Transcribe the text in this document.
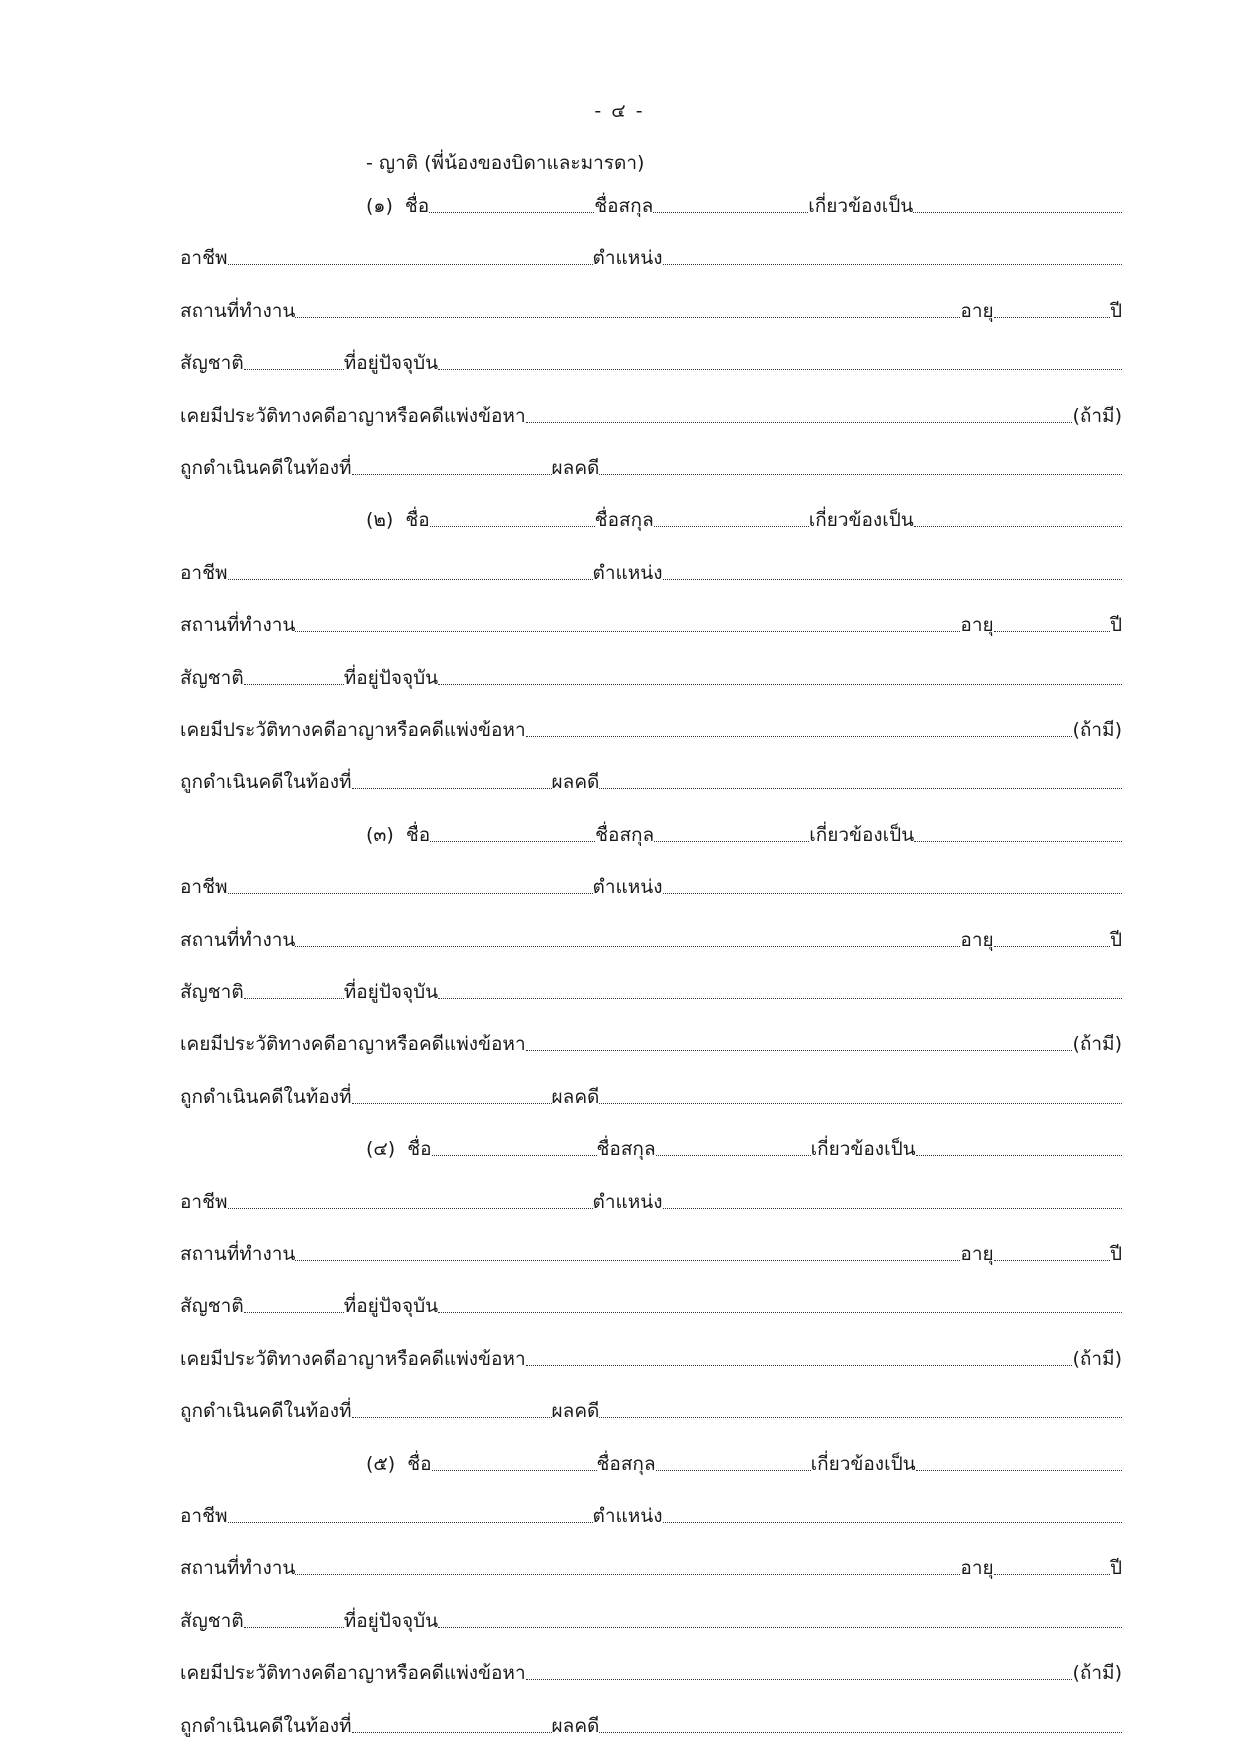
- ๔ -
- ญาติ (พี่น้องของบิดาและมารดา)
(๑) ชื่อ	ชื่อสกุล	เกี่ยวข้องเป็น
อาชีพ	ตำแหน่ง
สถานที่ทำงาน	อายุ	ปี
สัญชาติ	ที่อยู่ปัจจุบัน
เคยมีประวัติทางคดีอาญาหรือคดีแพ่งข้อหา	(ถ้ามี)
ถูกดำเนินคดีในท้องที่	ผลคดี
(๒) ชื่อ	ชื่อสกุล	เกี่ยวข้องเป็น
อาชีพ	ตำแหน่ง
สถานที่ทำงาน	อายุ	ปี
สัญชาติ	ที่อยู่ปัจจุบัน
เคยมีประวัติทางคดีอาญาหรือคดีแพ่งข้อหา	(ถ้ามี)
ถูกดำเนินคดีในท้องที่	ผลคดี
(๓) ชื่อ	ชื่อสกุล	เกี่ยวข้องเป็น
อาชีพ	ตำแหน่ง
สถานที่ทำงาน	อายุ	ปี
สัญชาติ	ที่อยู่ปัจจุบัน
เคยมีประวัติทางคดีอาญาหรือคดีแพ่งข้อหา	(ถ้ามี)
ถูกดำเนินคดีในท้องที่	ผลคดี
(๔) ชื่อ	ชื่อสกุล	เกี่ยวข้องเป็น
อาชีพ	ตำแหน่ง
สถานที่ทำงาน	อายุ	ปี
สัญชาติ	ที่อยู่ปัจจุบัน
เคยมีประวัติทางคดีอาญาหรือคดีแพ่งข้อหา	(ถ้ามี)
ถูกดำเนินคดีในท้องที่	ผลคดี
(๕) ชื่อ	ชื่อสกุล	เกี่ยวข้องเป็น
อาชีพ	ตำแหน่ง
สถานที่ทำงาน	อายุ	ปี
สัญชาติ	ที่อยู่ปัจจุบัน
เคยมีประวัติทางคดีอาญาหรือคดีแพ่งข้อหา	(ถ้ามี)
ถูกดำเนินคดีในท้องที่	ผลคดี
